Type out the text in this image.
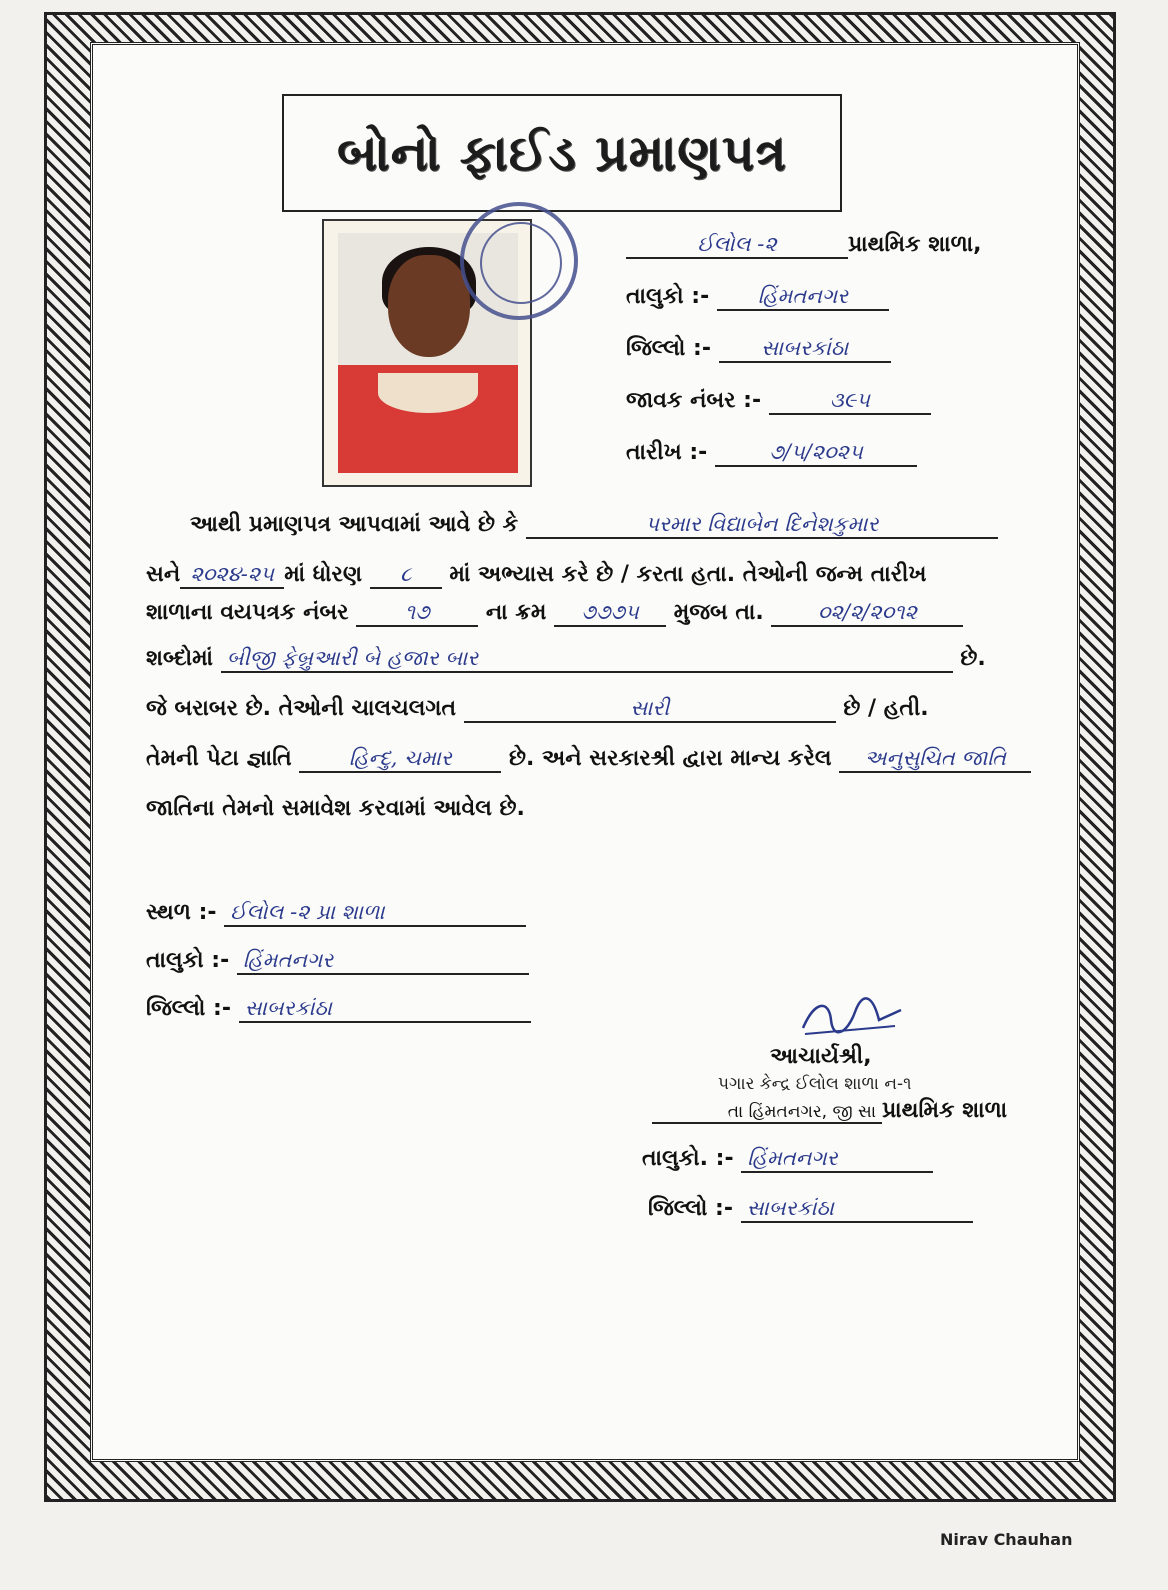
બોનો ફાઈડ પ્રમાણપત્ર
ઈલોલ -૨	પ્રાથમિક શાળા,
તાલુકો :- હિંમતનગર
જિલ્લો :- સાબરકાંઠા
જાવક નંબર :-	૩૯૫
તારીખ :-	૭/૫/૨૦૨૫
આથી પ્રમાણપત્ર આપવામાં આવે છે કે	પરમાર વિદ્યાબેન દિનેશકુમાર
સને ૨૦૨૪-૨૫ માં ધોરણ ૮ માં અભ્યાસ કરે છે / કરતા હતા. તેઓની જન્મ તારીખ
શાળાના વયપત્રક નંબર	૧૭	ના ક્રમ ૭૭૭૫ મુજબ તા.	૦૨/૨/૨૦૧૨
શબ્દોમાં બીજી ફેબ્રુઆરી બે હજાર બાર	છે.
જે બરાબર છે. તેઓની ચાલચલગત	સારી	છે / હતી.
તેમની પેટા જ્ઞાતિ	હિન્દુ, ચમાર	છે. અને સરકારશ્રી દ્વારા માન્ય કરેલ અનુસુચિત જાતિ
જાતિના તેમનો સમાવેશ કરવામાં આવેલ છે.
સ્થળ :- ઈલોલ -૨ પ્રા શાળા
તાલુકો :- હિંમતનગર
જિલ્લો :- સાબરકાંઠા
આચાર્યશ્રી,
પગાર કેન્દ્ર ઈલોલ શાળા ન-૧
તા હિંમતનગર, જી સા પ્રાથમિક શાળા
તાલુકો. :- હિંમતનગર
જિલ્લો :- સાબરકાંઠા
Nirav Chauhan
